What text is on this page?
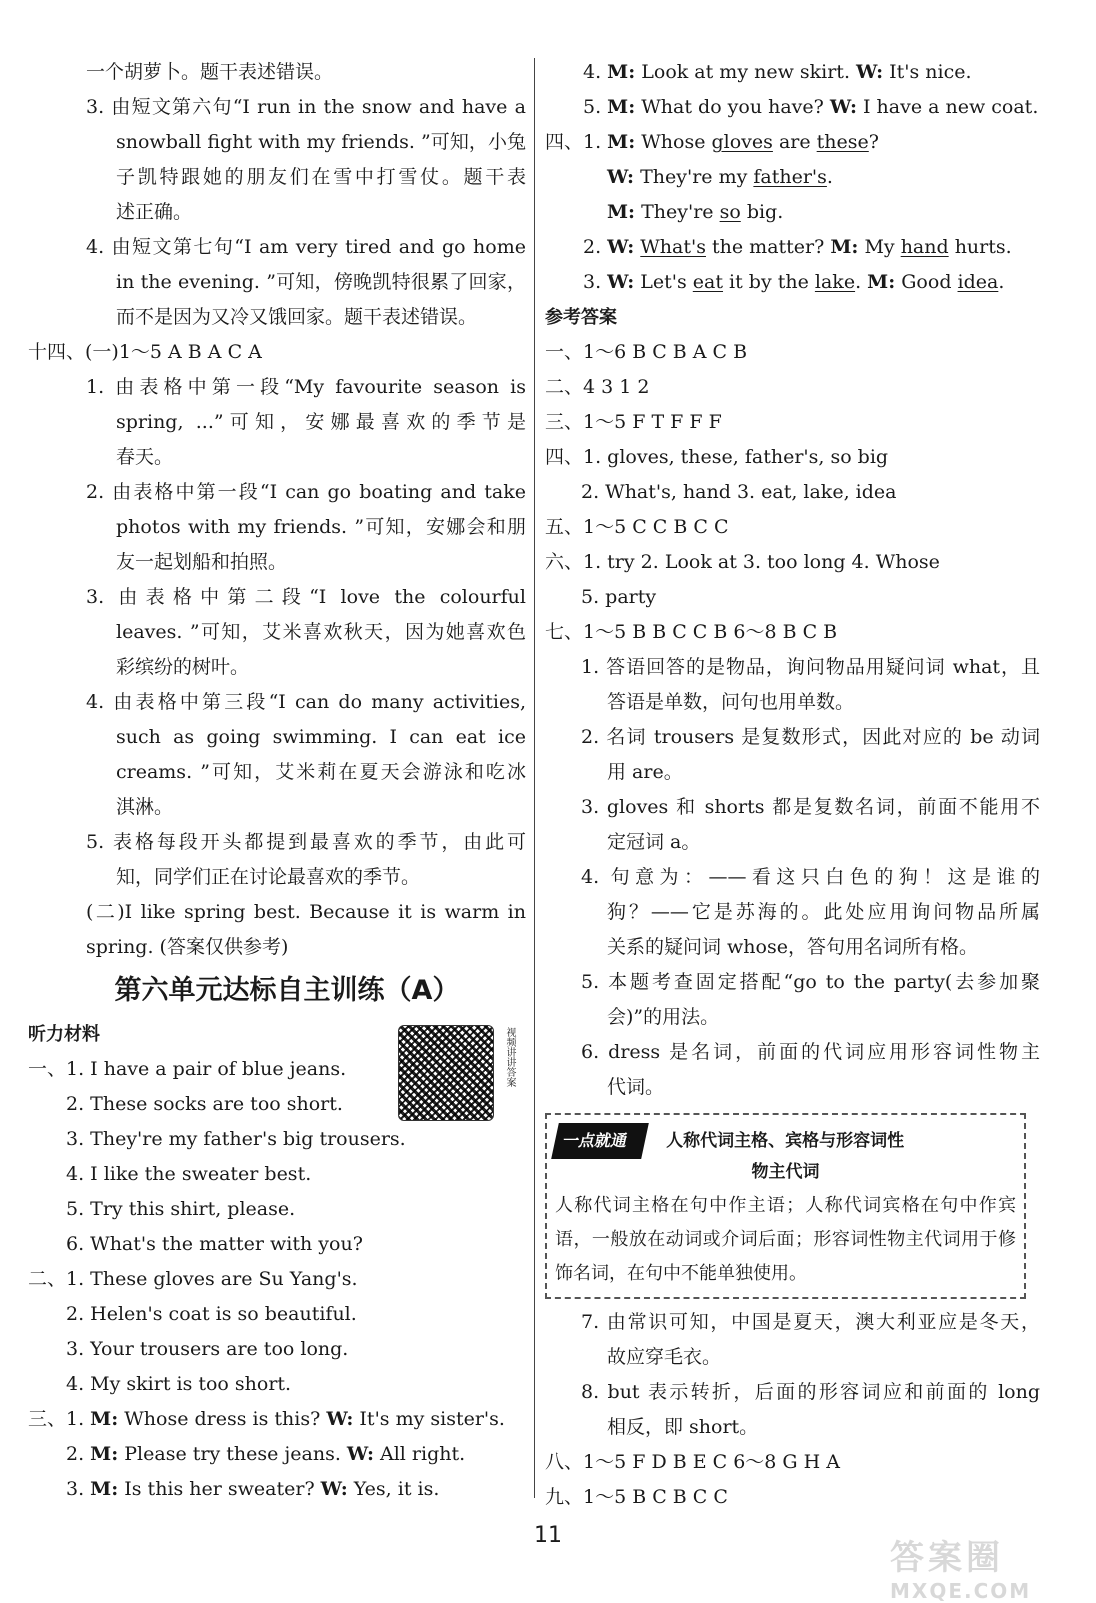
一个胡萝卜。题干表述错误。
3. 由短文第六句“I run in the snow and have a
snowball fight with my friends. ”可知，小兔
子凯特跟她的朋友们在雪中打雪仗。题干表
述正确。
4. 由短文第七句“I am very tired and go home
in the evening. ”可知，傍晚凯特很累了回家，
而不是因为又冷又饿回家。题干表述错误。
十四、(一)1～5 A B A C A
1. 由表格中第一段“My favourite season is
spring, ...”可知，安娜最喜欢的季节是
春天。
2. 由表格中第一段“I can go boating and take
photos with my friends. ”可知，安娜会和朋
友一起划船和拍照。
3. 由表格中第二段“I love the colourful
leaves. ”可知，艾米喜欢秋天，因为她喜欢色
彩缤纷的树叶。
4. 由表格中第三段“I can do many activities,
such as going swimming. I can eat ice
creams. ”可知，艾米莉在夏天会游泳和吃冰
淇淋。
5. 表格每段开头都提到最喜欢的季节，由此可
知，同学们正在讨论最喜欢的季节。
(二)I like spring best. Because it is warm in
spring. (答案仅供参考)
第六单元达标自主训练（A）
听力材料
一、1. I have a pair of blue jeans.
2. These socks are too short.
3. They're my father's big trousers.
4. I like the sweater best.
5. Try this shirt, please.
6. What's the matter with you?
二、1. These gloves are Su Yang's.
2. Helen's coat is so beautiful.
3. Your trousers are too long.
4. My skirt is too short.
三、1. M: Whose dress is this? W: It's my sister's.
2. M: Please try these jeans. W: All right.
3. M: Is this her sweater? W: Yes, it is.
视频讲讲答案
4. M: Look at my new skirt. W: It's nice.
5. M: What do you have? W: I have a new coat.
四、1. M: Whose gloves are these?
W: They're my father's.
M: They're so big.
2. W: What's the matter? M: My hand hurts.
3. W: Let's eat it by the lake. M: Good idea.
参考答案
一、1～6 B C B A C B
二、4 3 1 2
三、1～5 F T F F F
四、1. gloves, these, father's, so big
2. What's, hand 3. eat, lake, idea
五、1～5 C C B C C
六、1. try 2. Look at 3. too long 4. Whose
5. party
七、1～5 B B C C B 6～8 B C B
1. 答语回答的是物品，询问物品用疑问词 what，且
答语是单数，问句也用单数。
2. 名词 trousers 是复数形式，因此对应的 be 动词
用 are。
3. gloves 和 shorts 都是复数名词，前面不能用不
定冠词 a。
4. 句意为：——看这只白色的狗！这是谁的
狗？——它是苏海的。此处应用询问物品所属
关系的疑问词 whose，答句用名词所有格。
5. 本题考查固定搭配“go to the party(去参加聚
会)”的用法。
6. dress 是名词，前面的代词应用形容词性物主
代词。
一点就通 人称代词主格、宾格与形容词性
物主代词
人称代词主格在句中作主语；人称代词宾格在句中作宾语，一般放在动词或介词后面；形容词性物主代词用于修饰名词，在句中不能单独使用。
7. 由常识可知，中国是夏天，澳大利亚应是冬天，
故应穿毛衣。
8. but 表示转折，后面的形容词应和前面的 long
相反，即 short。
八、1～5 F D B E C 6～8 G H A
九、1～5 B C B C C
11
答案圈
MXQE.COM
